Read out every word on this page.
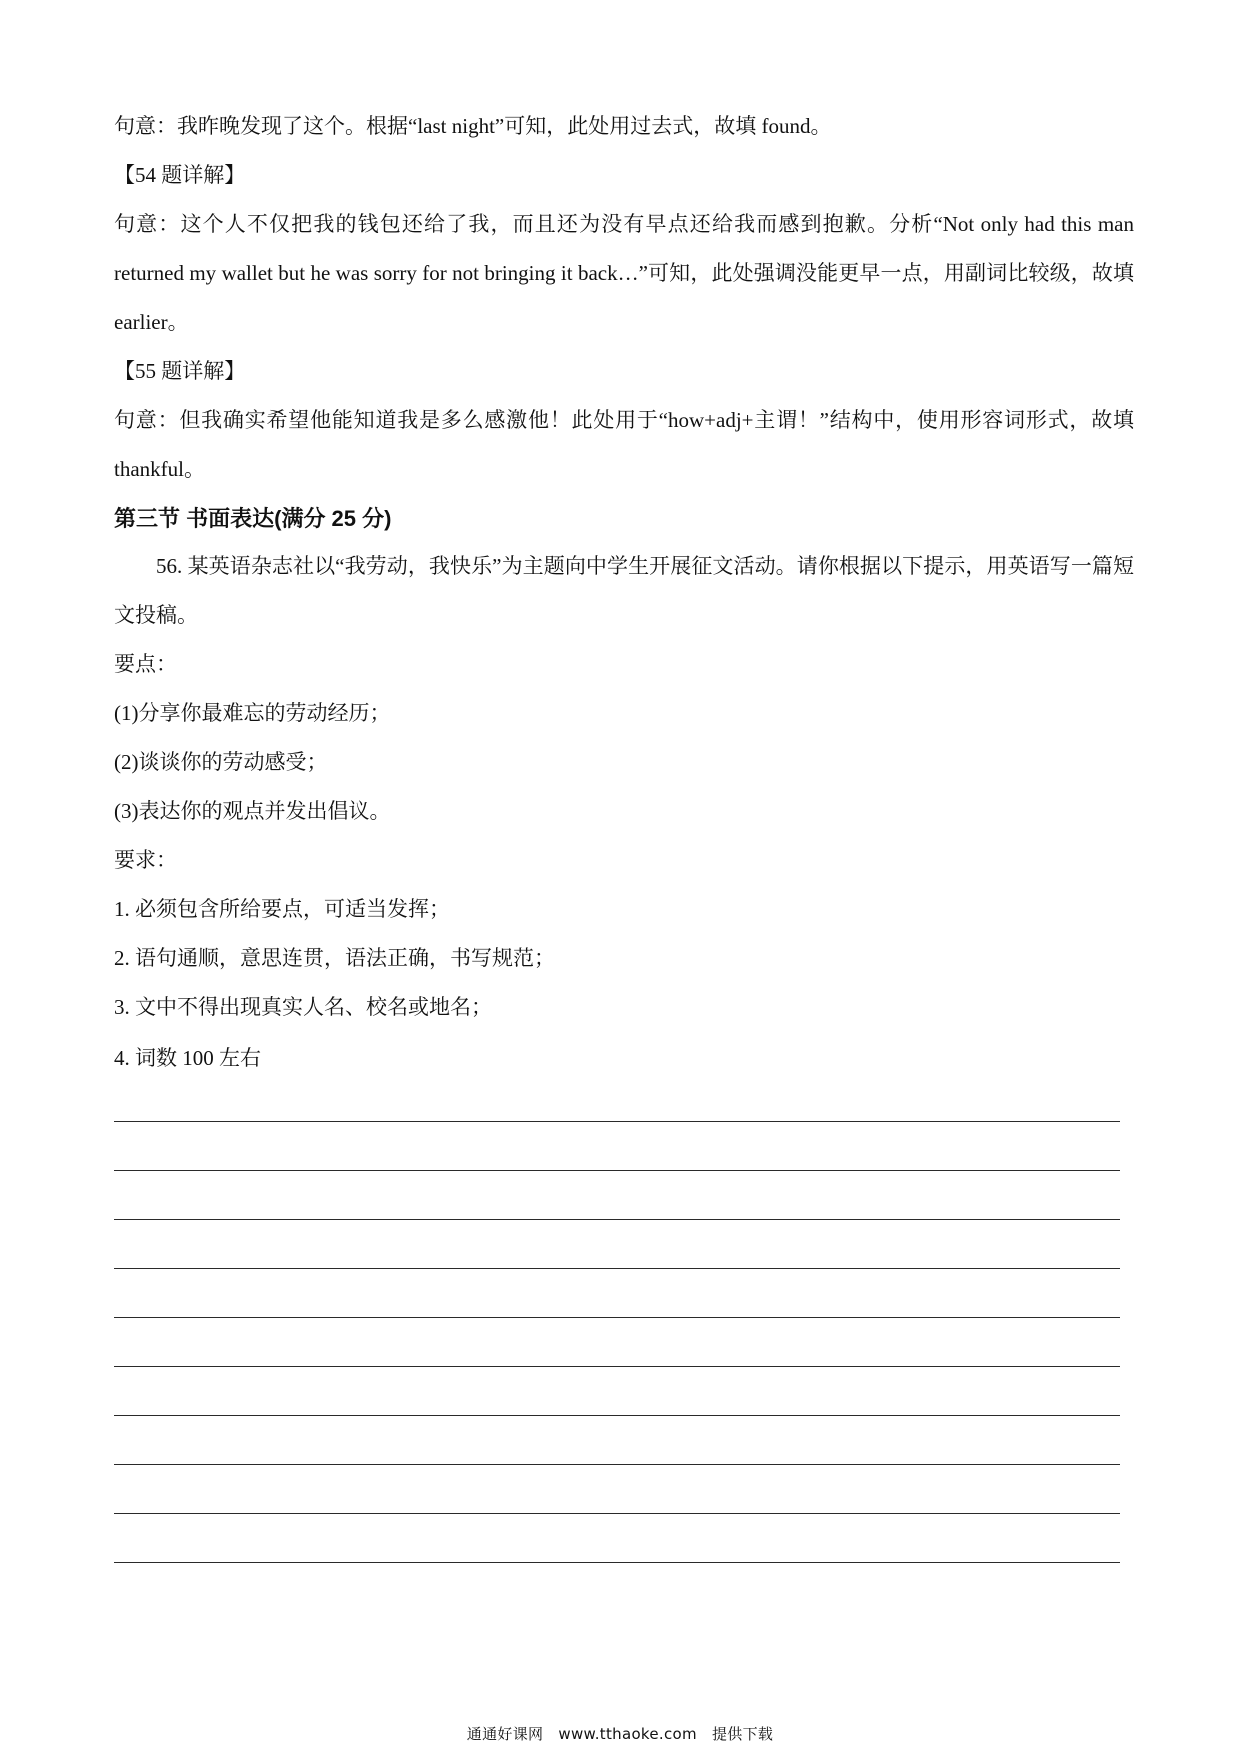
句意：我昨晚发现了这个。根据“last night”可知，此处用过去式，故填 found。

【54 题详解】

句意：这个人不仅把我的钱包还给了我，而且还为没有早点还给我而感到抱歉。分析“Not only had this man returned my wallet but he was sorry for not bringing it back…”可知，此处强调没能更早一点，用副词比较级，故填 earlier。

【55 题详解】

句意：但我确实希望他能知道我是多么感激他！此处用于“how+adj+主谓！”结构中，使用形容词形式，故填 thankful。

第三节 书面表达(满分 25 分)

56. 某英语杂志社以“我劳动，我快乐”为主题向中学生开展征文活动。请你根据以下提示，用英语写一篇短文投稿。

要点：

(1)分享你最难忘的劳动经历；

(2)谈谈你的劳动感受；

(3)表达你的观点并发出倡议。

要求：

1. 必须包含所给要点，可适当发挥；

2. 语句通顺，意思连贯，语法正确，书写规范；

3. 文中不得出现真实人名、校名或地名；

4. 词数 100 左右

通通好课网 www.tthaoke.com 提供下载
